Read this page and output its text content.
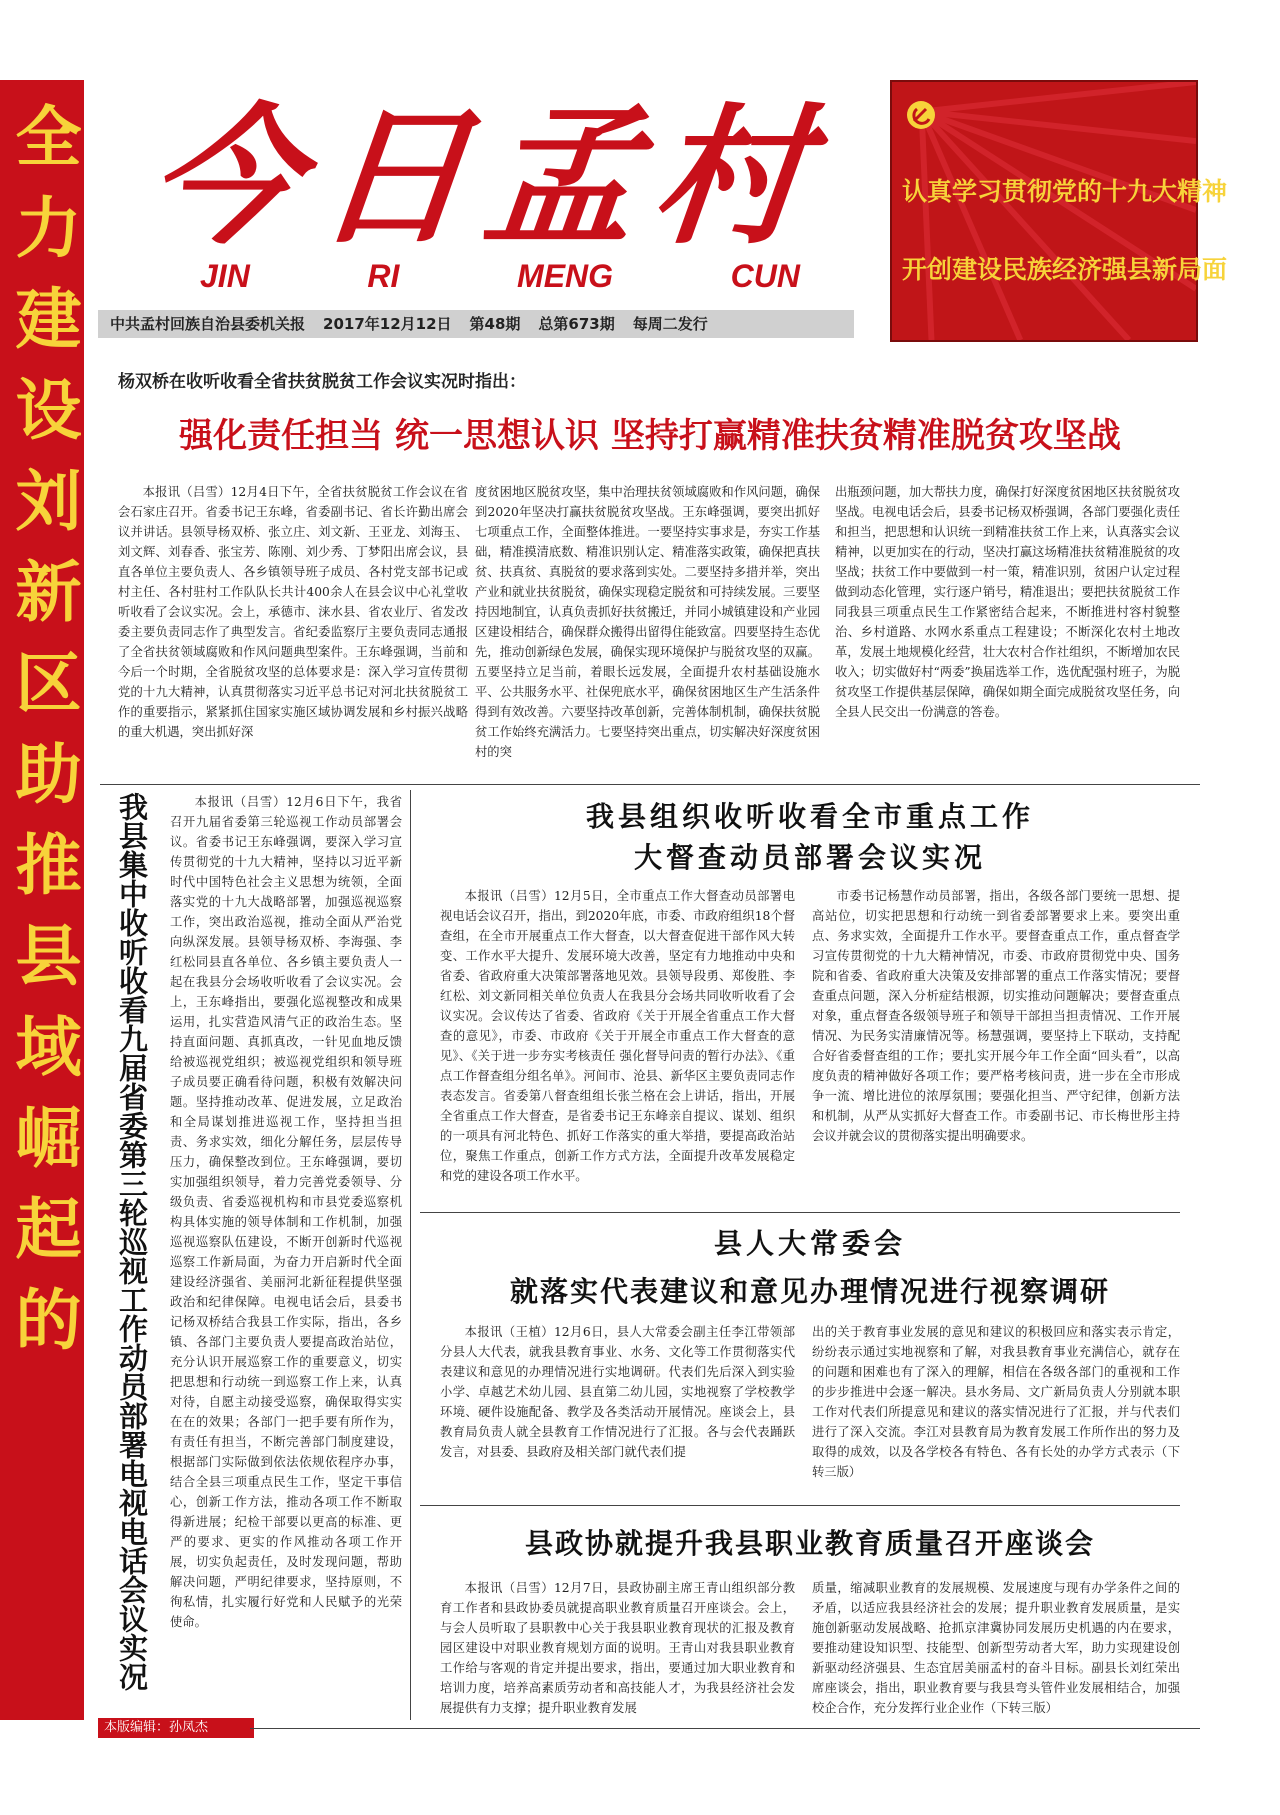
全力建设刘新区助推县域崛起的 今日孟村
JIN	RI	MENG	CUN
中共孟村回族自治县委机关报 2017年12月12日 第48期 总第673期 每周二发行
认真学习贯彻党的十九大精神
开创建设民族经济强县新局面
杨双桥在收听收看全省扶贫脱贫工作会议实况时指出：
强化责任担当 统一思想认识 坚持打赢精准扶贫精准脱贫攻坚战

本报讯（吕雪）12月4日下午，全省扶贫脱贫工作会议在省会石家庄召开。省委书记王东峰，省委副书记、省长许勤出席会议并讲话。县领导杨双桥、张立庄、刘文新、王亚龙、刘海玉、刘文辉、刘春香、张宝芳、陈刚、刘少秀、丁梦阳出席会议，县直各单位主要负责人、各乡镇领导班子成员、各村党支部书记或村主任、各村驻村工作队队长共计400余人在县会议中心礼堂收听收看了会议实况。会上，承德市、涞水县、省农业厅、省发改委主要负责同志作了典型发言。省纪委监察厅主要负责同志通报了全省扶贫领域腐败和作风问题典型案件。王东峰强调，当前和今后一个时期，全省脱贫攻坚的总体要求是：深入学习宣传贯彻党的十九大精神，认真贯彻落实习近平总书记对河北扶贫脱贫工作的重要指示，紧紧抓住国家实施区域协调发展和乡村振兴战略的重大机遇，突出抓好深

度贫困地区脱贫攻坚，集中治理扶贫领域腐败和作风问题，确保到2020年坚决打赢扶贫脱贫攻坚战。王东峰强调，要突出抓好七项重点工作，全面整体推进。一要坚持实事求是，夯实工作基础，精准摸清底数、精准识别认定、精准落实政策，确保把真扶贫、扶真贫、真脱贫的要求落到实处。二要坚持多措并举，突出产业和就业扶贫脱贫，确保实现稳定脱贫和可持续发展。三要坚持因地制宜，认真负责抓好扶贫搬迁，并同小城镇建设和产业园区建设相结合，确保群众搬得出留得住能致富。四要坚持生态优先，推动创新绿色发展，确保实现环境保护与脱贫攻坚的双赢。五要坚持立足当前，着眼长远发展，全面提升农村基础设施水平、公共服务水平、社保兜底水平，确保贫困地区生产生活条件得到有效改善。六要坚持改革创新，完善体制机制，确保扶贫脱贫工作始终充满活力。七要坚持突出重点，切实解决好深度贫困村的突

出瓶颈问题，加大帮扶力度，确保打好深度贫困地区扶贫脱贫攻坚战。电视电话会后，县委书记杨双桥强调，各部门要强化责任和担当，把思想和认识统一到精准扶贫工作上来，认真落实会议精神，以更加实在的行动，坚决打赢这场精准扶贫精准脱贫的攻坚战；扶贫工作中要做到一村一策，精准识别，贫困户认定过程做到动态化管理，实行逐户销号，精准退出；要把扶贫脱贫工作同我县三项重点民生工作紧密结合起来，不断推进村容村貌整治、乡村道路、水网水系重点工程建设；不断深化农村土地改革，发展土地规模化经营，壮大农村合作社组织，不断增加农民收入；切实做好村“两委”换届选举工作，选优配强村班子，为脱贫攻坚工作提供基层保障，确保如期全面完成脱贫攻坚任务，向全县人民交出一份满意的答卷。

我县集中收听收看九届省委第三轮巡视工作动员部署电视电话会议实况	本报讯（吕雪）12月6日下午，我省召开九届省委第三轮巡视工作动员部署会议。省委书记王东峰强调，要深入学习宣传贯彻党的十九大精神，坚持以习近平新时代中国特色社会主义思想为统领，全面落实党的十九大战略部署，加强巡视巡察工作，突出政治巡视，推动全面从严治党向纵深发展。县领导杨双桥、李海强、李红松同县直各单位、各乡镇主要负责人一起在我县分会场收听收看了会议实况。会上，王东峰指出，要强化巡视整改和成果运用，扎实营造风清气正的政治生态。坚持直面问题、真抓真改，一针见血地反馈给被巡视党组织；被巡视党组织和领导班子成员要正确看待问题，积极有效解决问题。坚持推动改革、促进发展，立足政治和全局谋划推进巡视工作，坚持担当担责、务求实效，细化分解任务，层层传导压力，确保整改到位。王东峰强调，要切实加强组织领导，着力完善党委领导、分级负责、省委巡视机构和市县党委巡察机构具体实施的领导体制和工作机制，加强巡视巡察队伍建设，不断开创新时代巡视巡察工作新局面，为奋力开启新时代全面建设经济强省、美丽河北新征程提供坚强政治和纪律保障。电视电话会后，县委书记杨双桥结合我县工作实际，指出，各乡镇、各部门主要负责人要提高政治站位，充分认识开展巡察工作的重要意义，切实把思想和行动统一到巡察工作上来，认真对待，自愿主动接受巡察，确保取得实实在在的效果；各部门一把手要有所作为，有责任有担当，不断完善部门制度建设，根据部门实际做到依法依规依程序办事，结合全县三项重点民生工作，坚定干事信心，创新工作方法，推动各项工作不断取得新进展；纪检干部要以更高的标准、更严的要求、更实的作风推动各项工作开展，切实负起责任，及时发现问题，帮助解决问题，严明纪律要求，坚持原则，不徇私情，扎实履行好党和人民赋予的光荣使命。

我县组织收听收看全市重点工作
大督查动员部署会议实况

本报讯（吕雪）12月5日，全市重点工作大督查动员部署电视电话会议召开，指出，到2020年底，市委、市政府组织18个督查组，在全市开展重点工作大督查，以大督查促进干部作风大转变、工作水平大提升、发展环境大改善，坚定有力地推动中央和省委、省政府重大决策部署落地见效。县领导段勇、郑俊胜、李红松、刘文新同相关单位负责人在我县分会场共同收听收看了会议实况。会议传达了省委、省政府《关于开展全省重点工作大督查的意见》，市委、市政府《关于开展全市重点工作大督查的意见》、《关于进一步夯实考核责任 强化督导问责的暂行办法》、《重点工作督查组分组名单》。河间市、沧县、新华区主要负责同志作表态发言。省委第八督查组组长张兰格在会上讲话，指出，开展全省重点工作大督查，是省委书记王东峰亲自提议、谋划、组织的一项具有河北特色、抓好工作落实的重大举措，要提高政治站位，聚焦工作重点，创新工作方式方法，全面提升改革发展稳定和党的建设各项工作水平。

市委书记杨慧作动员部署，指出，各级各部门要统一思想、提高站位，切实把思想和行动统一到省委部署要求上来。要突出重点、务求实效，全面提升工作水平。要督查重点工作，重点督查学习宣传贯彻党的十九大精神情况，市委、市政府贯彻党中央、国务院和省委、省政府重大决策及安排部署的重点工作落实情况；要督查重点问题，深入分析症结根源，切实推动问题解决；要督查重点对象，重点督查各级领导班子和领导干部担当担责情况、工作开展情况、为民务实清廉情况等。杨慧强调，要坚持上下联动，支持配合好省委督查组的工作；要扎实开展今年工作全面“回头看”，以高度负责的精神做好各项工作；要严格考核问责，进一步在全市形成争一流、增比进位的浓厚氛围；要强化担当、严守纪律，创新方法和机制，从严从实抓好大督查工作。市委副书记、市长梅世彤主持会议并就会议的贯彻落实提出明确要求。

县人大常委会
就落实代表建议和意见办理情况进行视察调研

本报讯（王植）12月6日，县人大常委会副主任李江带领部分县人大代表，就我县教育事业、水务、文化等工作贯彻落实代表建议和意见的办理情况进行实地调研。代表们先后深入到实验小学、卓越艺术幼儿园、县直第二幼儿园，实地视察了学校教学环境、硬件设施配备、教学及各类活动开展情况。座谈会上，县教育局负责人就全县教育工作情况进行了汇报。各与会代表踊跃发言，对县委、县政府及相关部门就代表们提

出的关于教育事业发展的意见和建议的积极回应和落实表示肯定，纷纷表示通过实地视察和了解，对我县教育事业充满信心，就存在的问题和困难也有了深入的理解，相信在各级各部门的重视和工作的步步推进中会逐一解决。县水务局、文广新局负责人分别就本职工作对代表们所提意见和建议的落实情况进行了汇报，并与代表们进行了深入交流。李江对县教育局为教育发展工作所作出的努力及取得的成效，以及各学校各有特色、各有长处的办学方式表示（下转三版）

县政协就提升我县职业教育质量召开座谈会

本报讯（吕雪）12月7日，县政协副主席王青山组织部分教育工作者和县政协委员就提高职业教育质量召开座谈会。会上，与会人员听取了县职教中心关于我县职业教育现状的汇报及教育园区建设中对职业教育规划方面的说明。王青山对我县职业教育工作给与客观的肯定并提出要求，指出，要通过加大职业教育和培训力度，培养高素质劳动者和高技能人才，为我县经济社会发展提供有力支撑；提升职业教育发展

质量，缩减职业教育的发展规模、发展速度与现有办学条件之间的矛盾，以适应我县经济社会的发展；提升职业教育发展质量，是实施创新驱动发展战略、抢抓京津冀协同发展历史机遇的内在要求，要推动建设知识型、技能型、创新型劳动者大军，助力实现建设创新驱动经济强县、生态宜居美丽孟村的奋斗目标。副县长刘红荣出席座谈会，指出，职业教育要与我县弯头管件业发展相结合，加强校企合作，充分发挥行业企业作（下转三版）

本版编辑：孙凤杰
